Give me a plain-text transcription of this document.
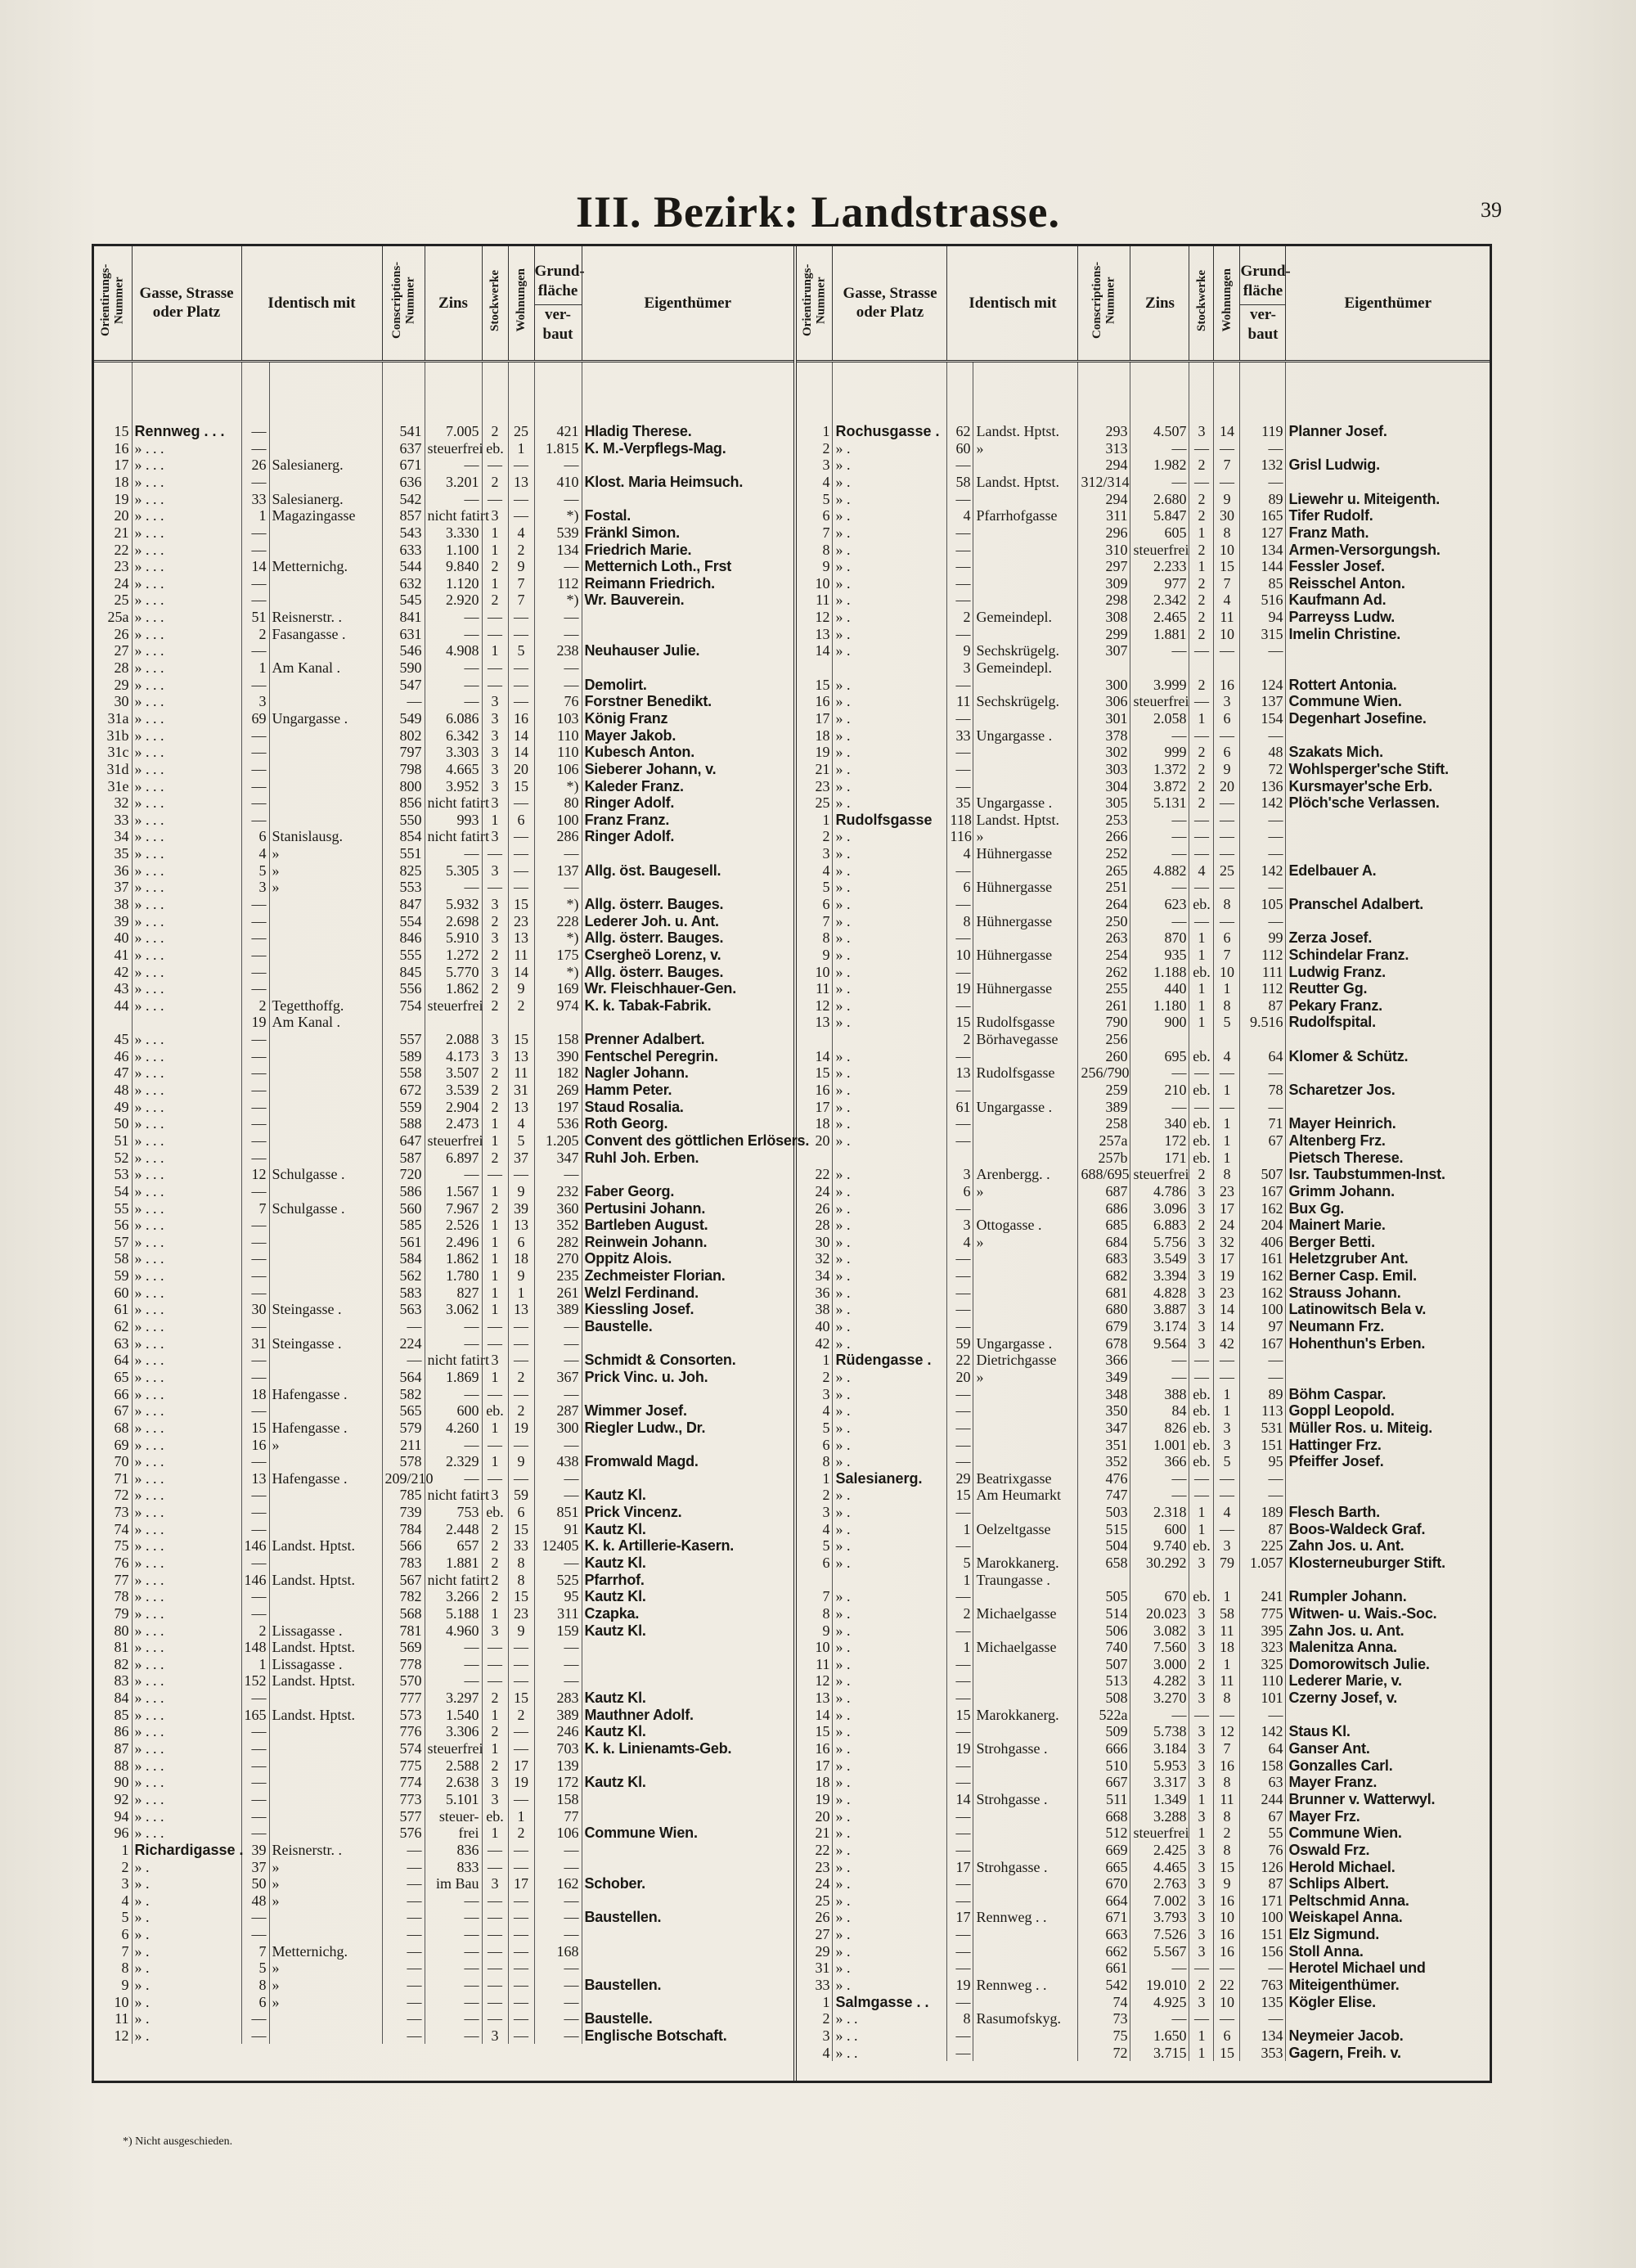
III. Bezirk: Landstrasse.	39
Orientirungs-Nummer	Gasse, Strasse oder Platz	Identisch mit		Conscriptions-Nummer	Zins	Stockwerke	Wohnungen	Grund-fläche
ver-baut	Eigenthümer

15	Rennweg . . .	—		541	7.005	2	25	421	Hladig Therese.
16	» . . .	—		637	steuerfrei	eb.	1	1.815	K. M.-Verpflegs-Mag.
17	» . . .	26	Salesianerg.	671	—	—	—	—	
18	» . . .	—		636	3.201	2	13	410	Klost. Maria Heimsuch.
19	» . . .	33	Salesianerg.	542	—	—	—	—	
20	» . . .	1	Magazingasse	857	nicht fatirt	3	—	*)	Fostal.
21	» . . .	—		543	3.330	1	4	539	Fränkl Simon.
22	» . . .	—		633	1.100	1	2	134	Friedrich Marie.
23	» . . .	14	Metternichg.	544	9.840	2	9	—	Metternich Loth., Frst
24	» . . .	—		632	1.120	1	7	112	Reimann Friedrich.
25	» . . .	—		545	2.920	2	7	*)	Wr. Bauverein.
25a	» . . .	51	Reisnerstr. .	841	—	—	—	—	
26	» . . .	2	Fasangasse .	631	—	—	—	—	
27	» . . .	—		546	4.908	1	5	238	Neuhauser Julie.
28	» . . .	1	Am Kanal .	590	—	—	—	—	
29	» . . .	—		547	—	—	—	—	Demolirt.
30	» . . .	3		—	—	3	—	76	Forstner Benedikt.
31a	» . . .	69	Ungargasse .	549	6.086	3	16	103	König Franz
31b	» . . .	—		802	6.342	3	14	110	Mayer Jakob.
31c	» . . .	—		797	3.303	3	14	110	Kubesch Anton.
31d	» . . .	—		798	4.665	3	20	106	Sieberer Johann, v.
31e	» . . .	—		800	3.952	3	15	*)	Kaleder Franz.
32	» . . .	—		856	nicht fatirt	3	—	80	Ringer Adolf.
33	» . . .	—		550	993	1	6	100	Franz Franz.
34	» . . .	6	Stanislausg.	854	nicht fatirt	3	—	286	Ringer Adolf.
35	» . . .	4	»	551	—	—	—	—	
36	» . . .	5	»	825	5.305	3	—	137	Allg. öst. Baugesell.
37	» . . .	3	»	553	—	—	—	—	
38	» . . .	—		847	5.932	3	15	*)	Allg. österr. Bauges.
39	» . . .	—		554	2.698	2	23	228	Lederer Joh. u. Ant.
40	» . . .	—		846	5.910	3	13	*)	Allg. österr. Bauges.
41	» . . .	—		555	1.272	2	11	175	Csergheö Lorenz, v.
42	» . . .	—		845	5.770	3	14	*)	Allg. österr. Bauges.
43	» . . .	—		556	1.862	2	9	169	Wr. Fleischhauer-Gen.
44	» . . .	2	Tegetthoffg.	754	steuerfrei	2	2	974	K. k. Tabak-Fabrik.
		19	Am Kanal .						
45	» . . .	—		557	2.088	3	15	158	Prenner Adalbert.
46	» . . .	—		589	4.173	3	13	390	Fentschel Peregrin.
47	» . . .	—		558	3.507	2	11	182	Nagler Johann.
48	» . . .	—		672	3.539	2	31	269	Hamm Peter.
49	» . . .	—		559	2.904	2	13	197	Staud Rosalia.
50	» . . .	—		588	2.473	1	4	536	Roth Georg.
51	» . . .	—		647	steuerfrei	1	5	1.205	Convent des göttlichen Erlösers.
52	» . . .	—		587	6.897	2	37	347	Ruhl Joh. Erben.
53	» . . .	12	Schulgasse .	720	—	—	—	—	
54	» . . .	—		586	1.567	1	9	232	Faber Georg.
55	» . . .	7	Schulgasse .	560	7.967	2	39	360	Pertusini Johann.
56	» . . .	—		585	2.526	1	13	352	Bartleben August.
57	» . . .	—		561	2.496	1	6	282	Reinwein Johann.
58	» . . .	—		584	1.862	1	18	270	Oppitz Alois.
59	» . . .	—		562	1.780	1	9	235	Zechmeister Florian.
60	» . . .	—		583	827	1	1	261	Welzl Ferdinand.
61	» . . .	30	Steingasse .	563	3.062	1	13	389	Kiessling Josef.
62	» . . .	—		—	—	—	—	—	Baustelle.
63	» . . .	31	Steingasse .	224	—	—	—	—	
64	» . . .	—		—	nicht fatirt	3	—	—	Schmidt & Consorten.
65	» . . .	—		564	1.869	1	2	367	Prick Vinc. u. Joh.
66	» . . .	18	Hafengasse .	582	—	—	—	—	
67	» . . .	—		565	600	eb.	2	287	Wimmer Josef.
68	» . . .	15	Hafengasse .	579	4.260	1	19	300	Riegler Ludw., Dr.
69	» . . .	16	»	211	—	—	—	—	
70	» . . .	—		578	2.329	1	9	438	Fromwald Magd.
71	» . . .	13	Hafengasse .	209/210	—	—	—	—	
72	» . . .	—		785	nicht fatirt	3	59	—	Kautz Kl.
73	» . . .	—		739	753	eb.	6	851	Prick Vincenz.
74	» . . .	—		784	2.448	2	15	91	Kautz Kl.
75	» . . .	146	Landst. Hptst.	566	657	2	33	12405	K. k. Artillerie-Kasern.
76	» . . .	—		783	1.881	2	8	—	Kautz Kl.
77	» . . .	146	Landst. Hptst.	567	nicht fatirt	2	8	525	Pfarrhof.
78	» . . .	—		782	3.266	2	15	95	Kautz Kl.
79	» . . .	—		568	5.188	1	23	311	Czapka.
80	» . . .	2	Lissagasse .	781	4.960	3	9	159	Kautz Kl.
81	» . . .	148	Landst. Hptst.	569	—	—	—	—	
82	» . . .	1	Lissagasse .	778	—	—	—	—	
83	» . . .	152	Landst. Hptst.	570	—	—	—	—	
84	» . . .	—		777	3.297	2	15	283	Kautz Kl.
85	» . . .	165	Landst. Hptst.	573	1.540	1	2	389	Mauthner Adolf.
86	» . . .	—		776	3.306	2	—	246	Kautz Kl.
87	» . . .	—		574	steuerfrei	1	—	703	K. k. Linienamts-Geb.
88	» . . .	—		775	2.588	2	17	139	
90	» . . .	—		774	2.638	3	19	172	Kautz Kl.
92	» . . .	—		773	5.101	3	—	158	
94	» . . .	—		577	steuer-	eb.	1	77	
96	» . . .	—		576	frei	1	2	106	Commune Wien.
1	Richardigasse .	39	Reisnerstr. .	—	836	—	—	—	
2	» .	37	»	—	833	—	—	—	
3	» .	50	»	—	im Bau	3	17	162	Schober.
4	» .	48	»	—	—	—	—	—	
5	» .	—		—	—	—	—	—	Baustellen.
6	» .	—		—	—	—	—	—	
7	» .	7	Metternichg.	—	—	—	—	168	
8	» .	5	»	—	—	—	—	—	
9	» .	8	»	—	—	—	—	—	Baustellen.
10	» .	6	»	—	—	—	—	—	
11	» .	—		—	—	—	—	—	Baustelle.
12	» .	—		—	—	3	—	—	Englische Botschaft.
Orientirungs-Nummer	Gasse, Strasse oder Platz	Identisch mit		Conscriptions-Nummer	Zins	Stockwerke	Wohnungen	Grund-fläche
ver-baut	Eigenthümer

1	Rochusgasse .	62	Landst. Hptst.	293	4.507	3	14	119	Planner Josef.
2	» .	60	»	313	—	—	—	—	
3	» .	—		294	1.982	2	7	132	Grisl Ludwig.
4	» .	58	Landst. Hptst.	312/314	—	—	—	—	
5	» .	—		294	2.680	2	9	89	Liewehr u. Miteigenth.
6	» .	4	Pfarrhofgasse	311	5.847	2	30	165	Tifer Rudolf.
7	» .	—		296	605	1	8	127	Franz Math.
8	» .	—		310	steuerfrei	2	10	134	Armen-Versorgungsh.
9	» .	—		297	2.233	1	15	144	Fessler Josef.
10	» .	—		309	977	2	7	85	Reisschel Anton.
11	» .	—		298	2.342	2	4	516	Kaufmann Ad.
12	» .	2	Gemeindepl.	308	2.465	2	11	94	Parreyss Ludw.
13	» .	—		299	1.881	2	10	315	Imelin Christine.
14	» .	9	Sechskrügelg.	307	—	—	—	—	
		3	Gemeindepl.						
15	» .	—		300	3.999	2	16	124	Rottert Antonia.
16	» .	11	Sechskrügelg.	306	steuerfrei	—	3	137	Commune Wien.
17	» .	—		301	2.058	1	6	154	Degenhart Josefine.
18	» .	33	Ungargasse .	378	—	—	—	—	
19	» .	—		302	999	2	6	48	Szakats Mich.
21	» .	—		303	1.372	2	9	72	Wohlsperger'sche Stift.
23	» .	—		304	3.872	2	20	136	Kursmayer'sche Erb.
25	» .	35	Ungargasse .	305	5.131	2	—	142	Plöch'sche Verlassen.
1	Rudolfsgasse	118	Landst. Hptst.	253	—	—	—	—	
2	» .	116	»	266	—	—	—	—	
3	» .	4	Hühnergasse	252	—	—	—	—	
4	» .	—		265	4.882	4	25	142	Edelbauer A.
5	» .	6	Hühnergasse	251	—	—	—	—	
6	» .	—		264	623	eb.	8	105	Pranschel Adalbert.
7	» .	8	Hühnergasse	250	—	—	—	—	
8	» .	—		263	870	1	6	99	Zerza Josef.
9	» .	10	Hühnergasse	254	935	1	7	112	Schindelar Franz.
10	» .	—		262	1.188	eb.	10	111	Ludwig Franz.
11	» .	19	Hühnergasse	255	440	1	1	112	Reutter Gg.
12	» .	—		261	1.180	1	8	87	Pekary Franz.
13	» .	15	Rudolfsgasse	790	900	1	5	9.516	Rudolfspital.
		2	Börhavegasse	256					
14	» .	—		260	695	eb.	4	64	Klomer & Schütz.
15	» .	13	Rudolfsgasse	256/790	—	—	—	—	
16	» .	—		259	210	eb.	1	78	Scharetzer Jos.
17	» .	61	Ungargasse .	389	—	—	—	—	
18	» .	—		258	340	eb.	1	71	Mayer Heinrich.
20	» .	—		257a	172	eb.	1	67	Altenberg Frz.
				257b	171	eb.	1		Pietsch Therese.
22	» .	3	Arenbergg. .	688/695	steuerfrei	2	8	507	Isr. Taubstummen-Inst.
24	» .	6	»	687	4.786	3	23	167	Grimm Johann.
26	» .	—		686	3.096	3	17	162	Bux Gg.
28	» .	3	Ottogasse .	685	6.883	2	24	204	Mainert Marie.
30	» .	4	»	684	5.756	3	32	406	Berger Betti.
32	» .	—		683	3.549	3	17	161	Heletzgruber Ant.
34	» .	—		682	3.394	3	19	162	Berner Casp. Emil.
36	» .	—		681	4.828	3	23	162	Strauss Johann.
38	» .	—		680	3.887	3	14	100	Latinowitsch Bela v.
40	» .	—		679	3.174	3	14	97	Neumann Frz.
42	» .	59	Ungargasse .	678	9.564	3	42	167	Hohenthun's Erben.
1	Rüdengasse .	22	Dietrichgasse	366	—	—	—	—	
2	» .	20	»	349	—	—	—	—	
3	» .	—		348	388	eb.	1	89	Böhm Caspar.
4	» .	—		350	84	eb.	1	113	Goppl Leopold.
5	» .	—		347	826	eb.	3	531	Müller Ros. u. Miteig.
6	» .	—		351	1.001	eb.	3	151	Hattinger Frz.
8	» .	—		352	366	eb.	5	95	Pfeiffer Josef.
1	Salesianerg.	29	Beatrixgasse	476	—	—	—	—	
2	» .	15	Am Heumarkt	747	—	—	—	—	
3	» .	—		503	2.318	1	4	189	Flesch Barth.
4	» .	1	Oelzeltgasse	515	600	1	—	87	Boos-Waldeck Graf.
5	» .	—		504	9.740	eb.	3	225	Zahn Jos. u. Ant.
6	» .	5	Marokkanerg.	658	30.292	3	79	1.057	Klosterneuburger Stift.
		1	Traungasse .						
7	» .	—		505	670	eb.	1	241	Rumpler Johann.
8	» .	2	Michaelgasse	514	20.023	3	58	775	Witwen- u. Wais.-Soc.
9	» .	—		506	3.082	3	11	395	Zahn Jos. u. Ant.
10	» .	1	Michaelgasse	740	7.560	3	18	323	Malenitza Anna.
11	» .	—		507	3.000	2	1	325	Domorowitsch Julie.
12	» .	—		513	4.282	3	11	110	Lederer Marie, v.
13	» .	—		508	3.270	3	8	101	Czerny Josef, v.
14	» .	15	Marokkanerg.	522a	—	—	—	—	
15	» .	—		509	5.738	3	12	142	Staus Kl.
16	» .	19	Strohgasse .	666	3.184	3	7	64	Ganser Ant.
17	» .	—		510	5.953	3	16	158	Gonzalles Carl.
18	» .	—		667	3.317	3	8	63	Mayer Franz.
19	» .	14	Strohgasse .	511	1.349	1	11	244	Brunner v. Watterwyl.
20	» .	—		668	3.288	3	8	67	Mayer Frz.
21	» .	—		512	steuerfrei	1	2	55	Commune Wien.
22	» .	—		669	2.425	3	8	76	Oswald Frz.
23	» .	17	Strohgasse .	665	4.465	3	15	126	Herold Michael.
24	» .	—		670	2.763	3	9	87	Schlips Albert.
25	» .	—		664	7.002	3	16	171	Peltschmid Anna.
26	» .	17	Rennweg . .	671	3.793	3	10	100	Weiskapel Anna.
27	» .	—		663	7.526	3	16	151	Elz Sigmund.
29	» .	—		662	5.567	3	16	156	Stoll Anna.
31	» .	—		661	—	—	—	—	Herotel Michael und
33	» .	19	Rennweg . .	542	19.010	2	22	763	Miteigenthümer.
1	Salmgasse . .	—		74	4.925	3	10	135	Kögler Elise.
2	» . .	8	Rasumofskyg.	73	—	—	—	—	
3	» . .	—		75	1.650	1	6	134	Neymeier Jacob.
4	» . .	—		72	3.715	1	15	353	Gagern, Freih. v.
*) Nicht ausgeschieden.
